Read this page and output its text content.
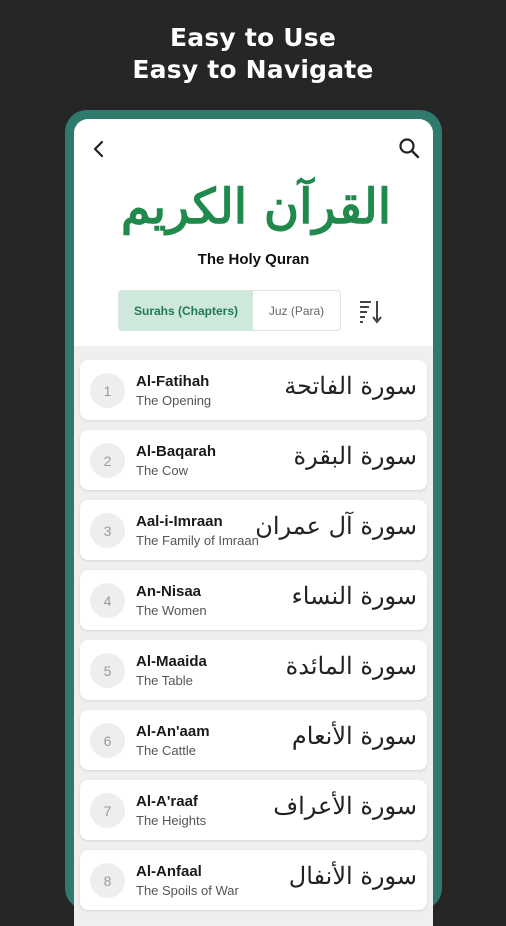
Easy to Use
Easy to Navigate
القرآن الكريم
The Holy Quran
Surahs (Chapters)	Juz (Para)
1
Al-Fatihah
The Opening
سورة الفاتحة
2
Al-Baqarah
The Cow
سورة البقرة
3
Aal-i-Imraan
The Family of Imraan
سورة آل عمران
4
An-Nisaa
The Women
سورة النساء
5
Al-Maaida
The Table
سورة المائدة
6
Al-An'aam
The Cattle
سورة الأنعام
7
Al-A'raaf
The Heights
سورة الأعراف
8
Al-Anfaal
The Spoils of War
سورة الأنفال
